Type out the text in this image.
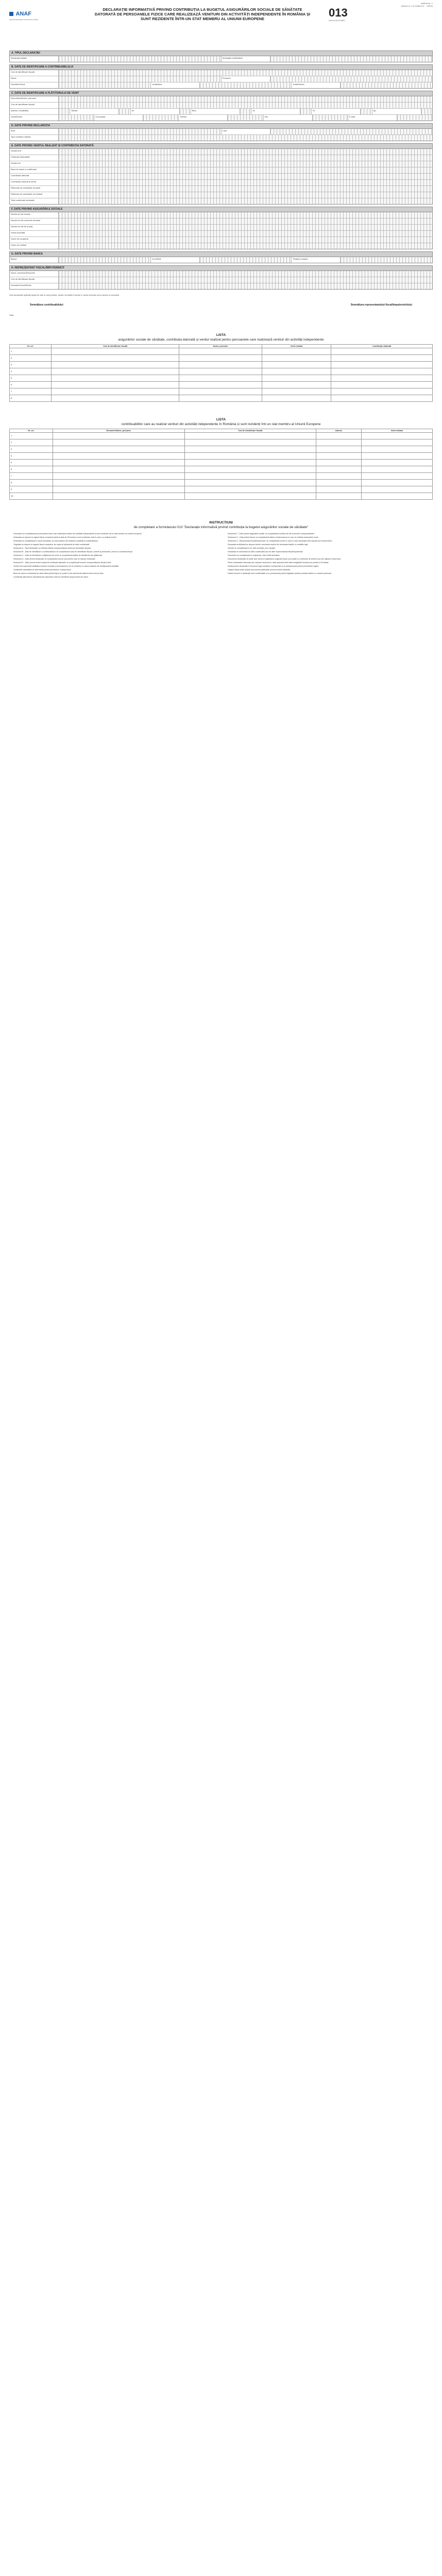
ANEXA Nr. 1
(Anexa nr. 1 la Ordinul nr. .../2015)
ANAF
Agenția Națională de Administrare Fiscală
DECLARAȚIE INFORMATIVĂ PRIVIND CONTRIBUȚIA LA BUGETUL ASIGURĂRILOR SOCIALE DE SĂNĂTATE DATORATĂ DE PERSOANELE FIZICE CARE REALIZEAZĂ VENITURI DIN ACTIVITĂȚI INDEPENDENTE ÎN ROMÂNIA ȘI SUNT REZIDENTE ÎNTR-UN STAT MEMBRU AL UNIUNII EUROPENE	013
Cod 14.13.01.13/15
A. TIPUL DECLARAȚIEI
Declarație inițială	Declarație rectificativă
B. DATE DE IDENTIFICARE A CONTRIBUABILULUI
Cod de identificare fiscală
Nume	Prenume
Domiciliul fiscal	Localitatea	Județ/Sector
C. DATE DE IDENTIFICARE A PLĂTITORULUI DE VENIT
Denumirea/Nume, prenume
Cod de identificare fiscală
Adresa: Localitatea	Strada	Nr.	Bloc	Sc.	Et.	Ap.
Județ/Sector	Cod poștal	Telefon	Fax	E-mail
D. DATE PRIVIND DECLARAȚIA
Anul	Luna
Tipul venitului realizat
E. DATE PRIVIND VENITUL REALIZAT ȘI CONTRIBUȚIA DATORATĂ
Venitul brut
Cheltuieli deductibile
Venitul net
Baza de calcul a contribuției
Contribuția datorată
Contribuția reținută la sursă
Diferența de contribuție de plată
Diferența de contribuție de restituit
Total contribuție declarată
F. DATE PRIVIND ASIGURĂRILE SOCIALE
Număr de zile lucrate
Număr de zile concediu medical
Număr de zile de șomaj
Suma acordată
Sume de recuperat
Sume de restituit
G. DATE PRIVIND BANCA
Banca	Cod IBAN	Titularul contului
H. REPREZENTANT FISCAL/ÎMPUTERNICIT
Nume, prenume/Denumire
Cod de identificare fiscală
Domiciliul fiscal/Sediul
Sub sancțiunile aplicate faptei de fals în acte publice, declar că datele înscrise în acest formular sunt corecte și complete.
Semnătura contribuabilului	Semnătura reprezentantului fiscal/împuternicitului
Data
LISTA
asigurărilor sociale de sănătate, contribuția datorată și venitul realizat pentru persoanele care realizează venituri din activități independente
Nr. crt.	Cod de identificare fiscală	Nume, prenume	Venit realizat	Contribuție datorată
1				
2				
3				
4				
5				
6				
7				
8				
LISTA
contribuabililor care au realizat venituri din activități independente în România și sunt rezidenți într-un stat membru al Uniunii Europene
Nr. crt.	Denumire/Nume, prenume	Cod de identificare fiscală	Adresa	Venit realizat
1				
2				
3				
4				
5				
6				
7				
8				
9				
10				
INSTRUCȚIUNI
de completare a formularului 013 "Declarație informativă privind contribuția la bugetul asigurărilor sociale de sănătate"

Formularul se completează de persoanele fizice care realizează venituri din activități independente și sunt rezidente într-un stat membru al Uniunii Europene.

Declarația se depune la organul fiscal competent până la data de 25 inclusiv a lunii următoare celei în care s-a realizat venitul.

Declarația se completează în două exemplare, pe baza datelor din evidența contabilă a contribuabilului.

Originalul se depune la organul fiscal competent, iar copia se păstrează de către contribuabil.

Secțiunea A - Tipul declarației: se bifează căsuța corespunzătoare tipului de declarație depusă.

Secțiunea B - Date de identificare a contribuabilului: se completează codul de identificare fiscală, numele și prenumele, precum și domiciliul fiscal.

Secțiunea C - Date de identificare a plătitorului de venit: se completează datele de identificare ale plătitorului.

Secțiunea D - Date privind declarația: se completează anul și luna pentru care se depune declarația.

Secțiunea E - Date privind venitul realizat și contribuția datorată: se completează sumele corespunzătoare fiecărui rând.

Venitul brut reprezintă totalitatea sumelor încasate și echivalentul în lei al veniturilor în natură obținute din desfășurarea activității.

Cheltuielile deductibile se determină potrivit prevederilor Codului fiscal.

Baza de calcul a contribuției se determină potrivit legii și nu poate fi mai mică decât salariul minim brut pe țară.

Contribuția datorată se calculează prin aplicarea cotei de contribuție asupra bazei de calcul.

Secțiunea F - Date privind asigurările sociale: se completează numărul de zile și sumele corespunzătoare.

Secțiunea G - Date privind banca: se completează datele contului bancar în care se restituie eventualele sume.

Secțiunea H - Reprezentant fiscal/împuternicit: se completează numai în cazul în care declarația este depusă prin reprezentant.

Declarația rectificativă se depune pentru corectarea erorilor din declarația inițială, în condițiile legii.

Sumele se completează în lei, fără zecimale, prin rotunjire.

Declarația se semnează de către contribuabil sau de către reprezentantul fiscal/împuternicit.

Formularul se completează cu majuscule, citeț și fără ștersături.

Depunerea declarației se poate face direct la registratura organului fiscal, prin poștă cu confirmare de primire sau prin mijloace electronice.

Pentru declarațiile transmise prin mijloace electronice, data depunerii este data înregistrării acestora pe portalul e-România.

Nedepunerea declarației în termenul legal constituie contravenție și se sancționează potrivit prevederilor legale.

Organul fiscal poate solicita documente justificative privind sumele declarate.

Datele înscrise în declarație sunt confidențiale și se prelucrează potrivit legislației privind protecția datelor cu caracter personal.
